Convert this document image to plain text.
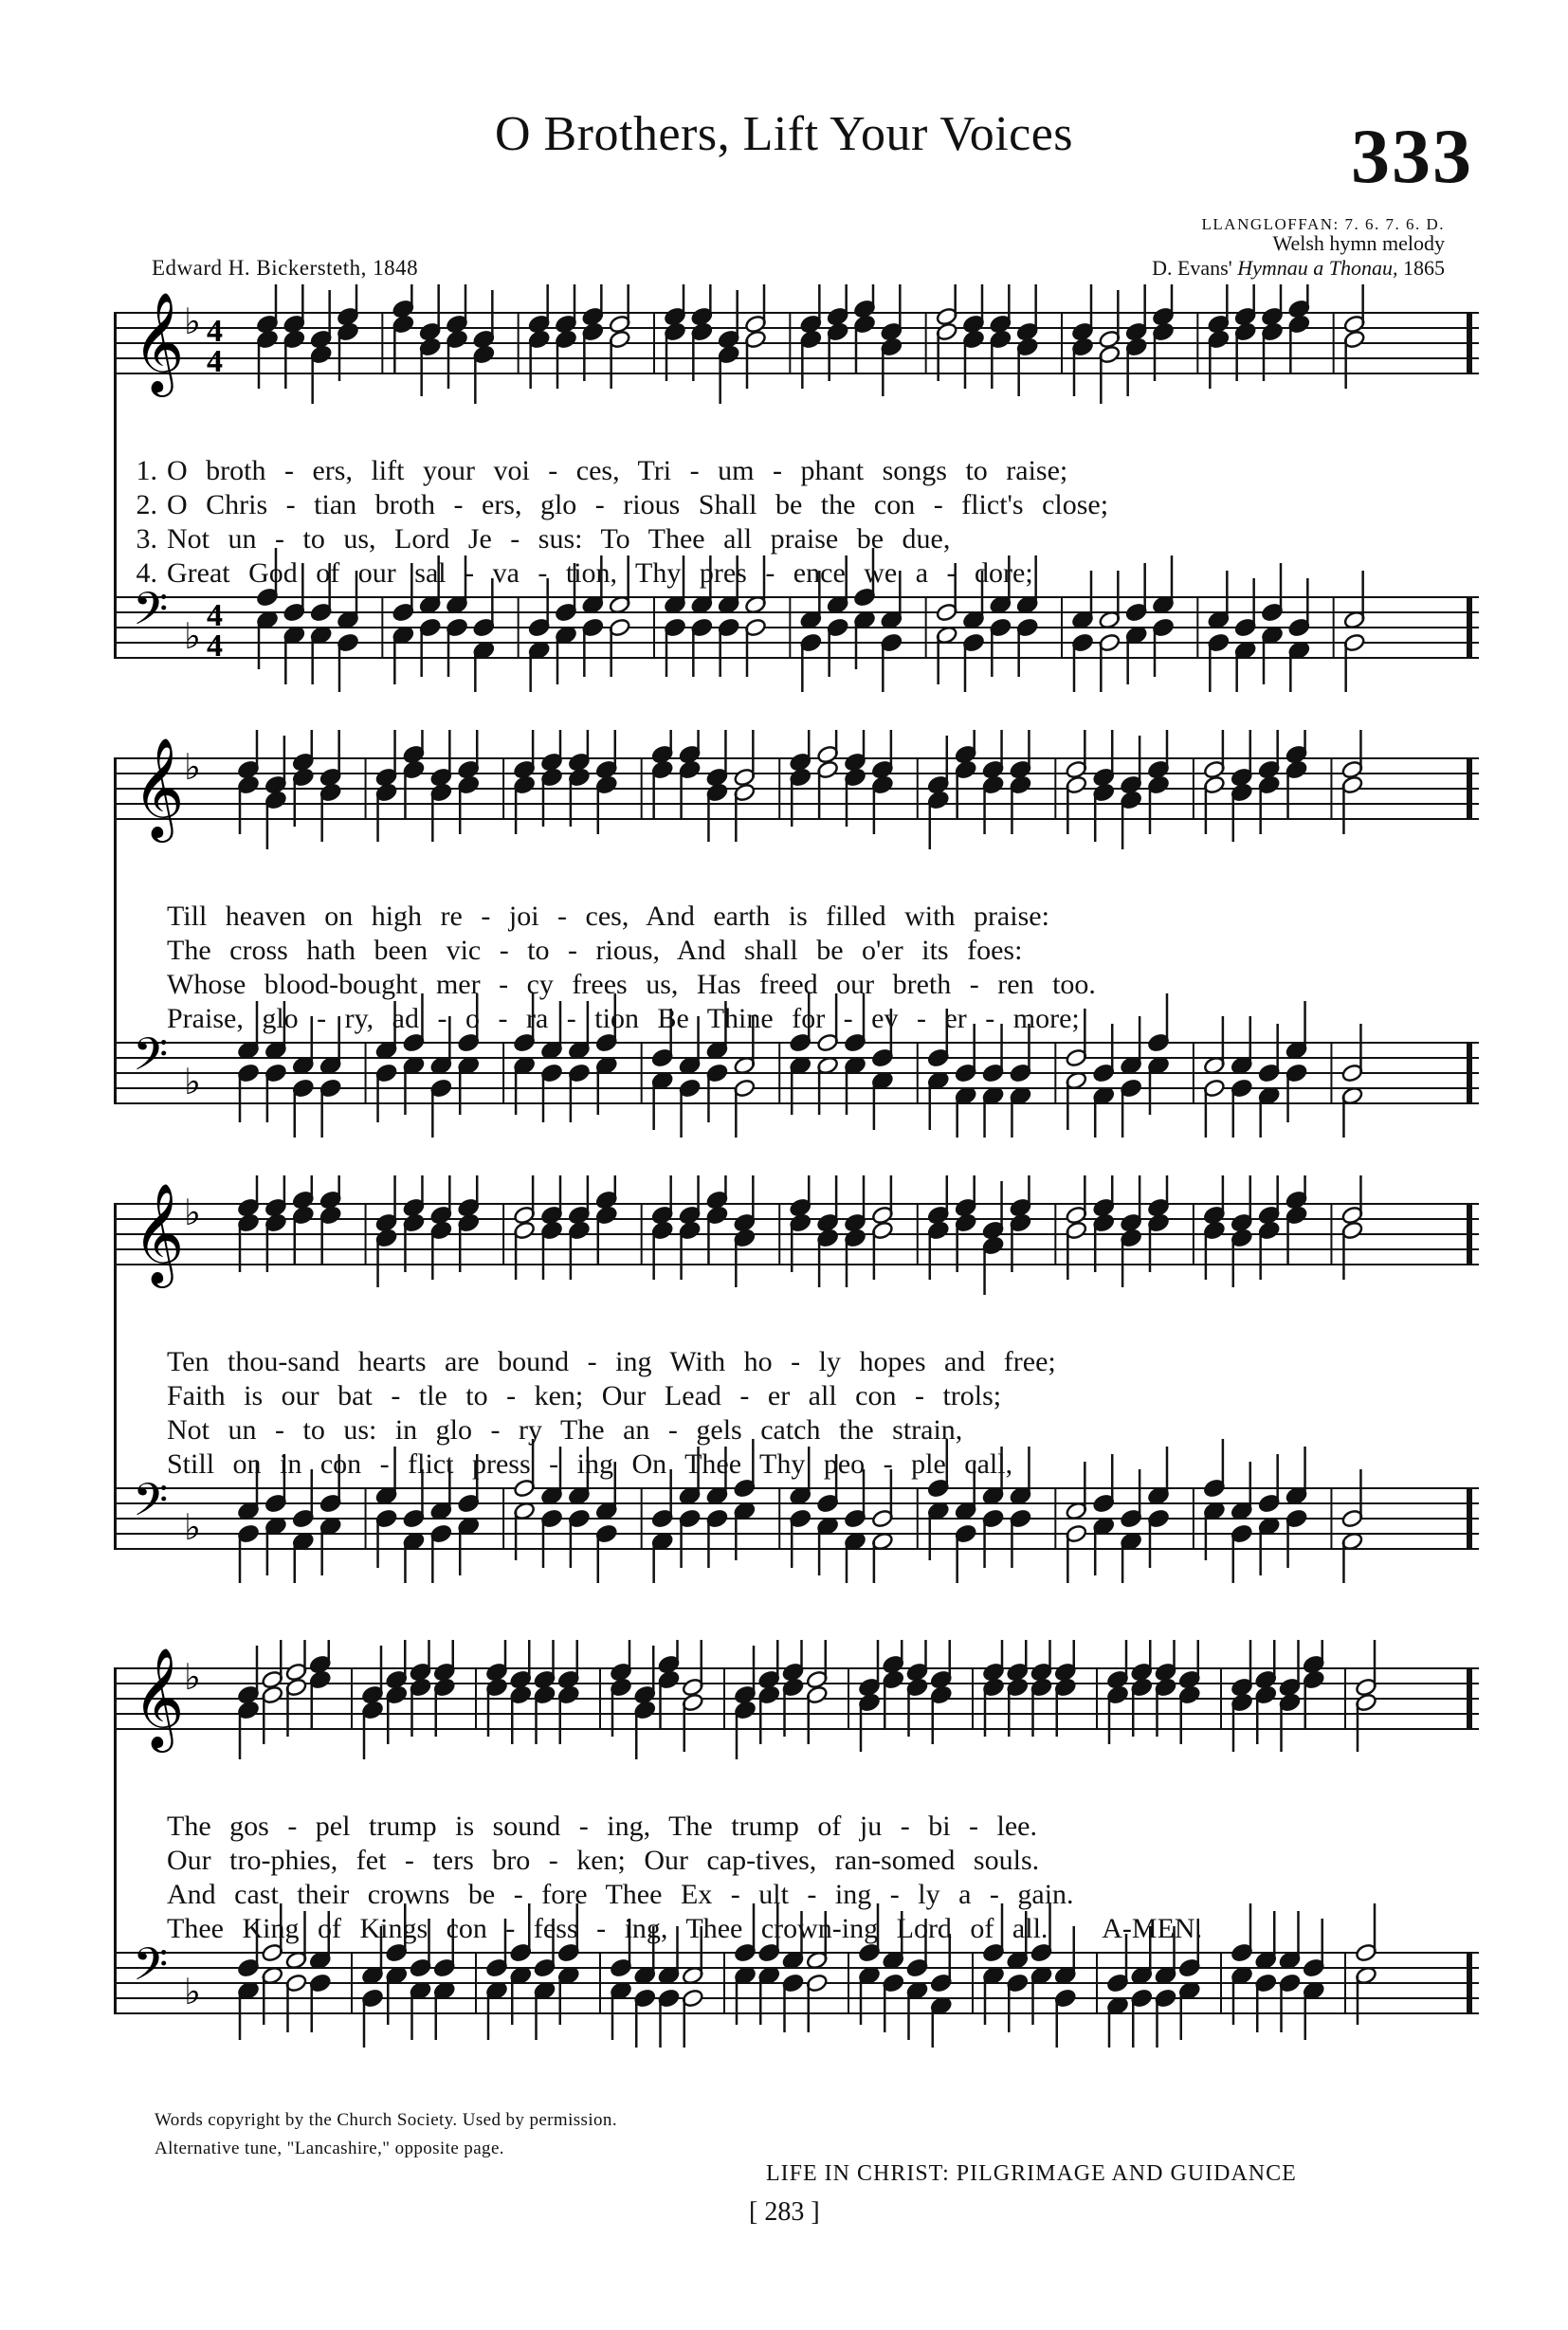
O Brothers, Lift Your Voices	333
LLANGLOFFAN: 7. 6. 7. 6. D.
Welsh hymn melody
D. Evans' Hymnau a Thonau, 1865
Edward H. Bickersteth, 1848
𝄞 ♭ 4
4
𝄢 ♭ 4
4
1. O broth - ers, lift your voi - ces, Tri - um - phant songs to raise;
2. O Chris - tian broth - ers, glo - rious Shall be the con - flict's close;
3. Not un - to us, Lord Je - sus: To Thee all praise be due,
4. Great God of our sal - va - tion, Thy pres - ence we a - dore;
𝄞 ♭
𝄢 ♭
Till heaven on high re - joi - ces, And earth is filled with praise:
The cross hath been vic - to - rious, And shall be o'er its foes:
Whose blood-bought mer - cy frees us, Has freed our breth - ren too.
Praise, glo - ry, ad - o - ra - tion Be Thine for - ev - er - more;
𝄞 ♭
𝄢 ♭
Ten thou-sand hearts are bound - ing With ho - ly hopes and free;
Faith is our bat - tle to - ken; Our Lead - er all con - trols;
Not un - to us: in glo - ry The an - gels catch the strain,
Still on in con - flict press - ing On Thee Thy peo - ple call,
𝄞 ♭
𝄢 ♭
The gos - pel trump is sound - ing, The trump of ju - bi - lee.
Our tro-phies, fet - ters bro - ken; Our cap-tives, ran-somed souls.
And cast their crowns be - fore Thee Ex - ult - ing - ly a - gain.
Thee King of Kings con - fess - ing, Thee crown-ing Lord of all.   A-MEN.
Words copyright by the Church Society. Used by permission.
Alternative tune, "Lancashire," opposite page.
LIFE IN CHRIST: PILGRIMAGE AND GUIDANCE
[ 283 ]
